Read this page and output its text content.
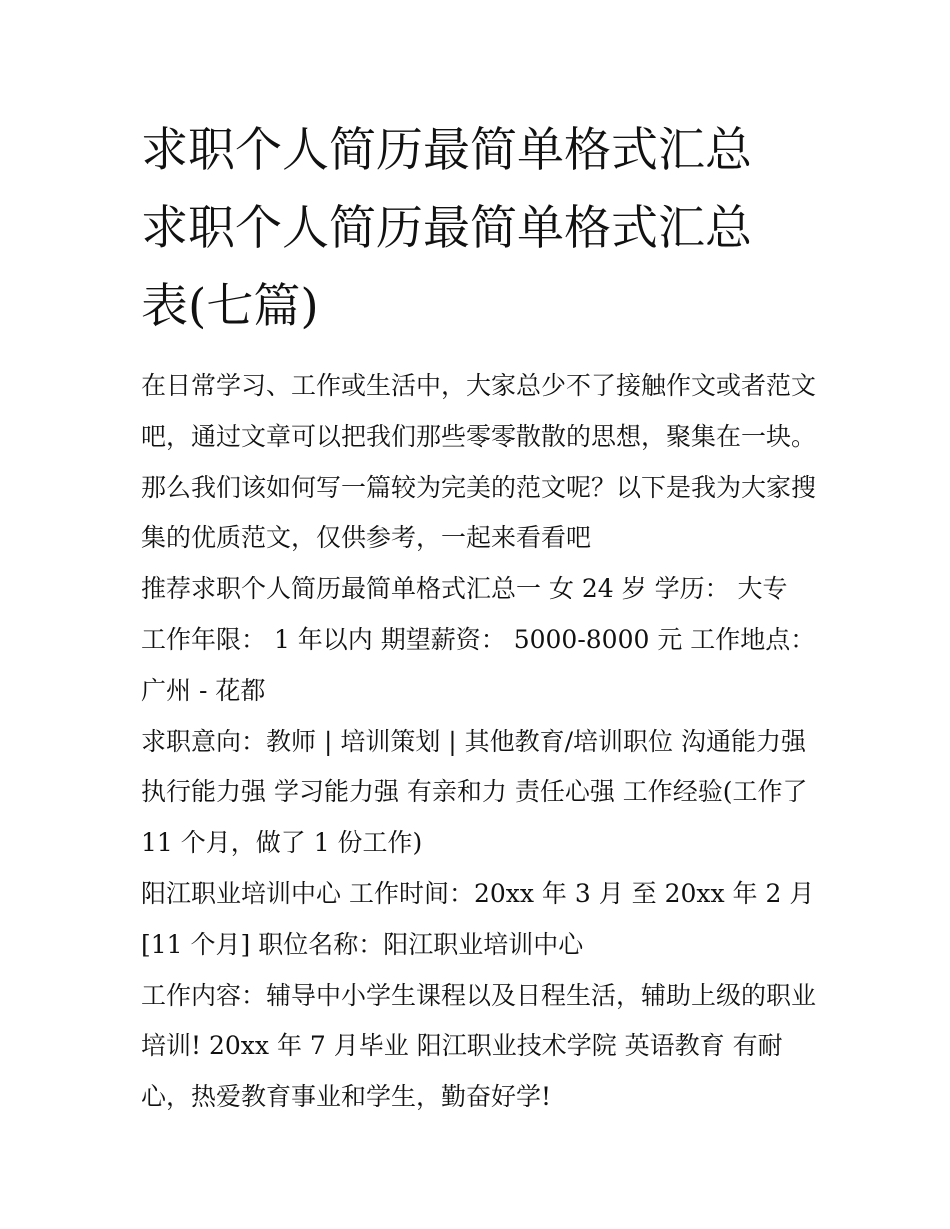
求职个人简历最简单格式汇总
求职个人简历最简单格式汇总
表(七篇)

在日常学习、工作或生活中，大家总少不了接触作文或者范文吧，通过文章可以把我们那些零零散散的思想，聚集在一块。那么我们该如何写一篇较为完美的范文呢？以下是我为大家搜集的优质范文，仅供参考，一起来看看吧

推荐求职个人简历最简单格式汇总一 女 24 岁 学历： 大专 工作年限： 1 年以内 期望薪资： 5000-8000 元 工作地点： 广州 - 花都

求职意向：教师 | 培训策划 | 其他教育/培训职位 沟通能力强 执行能力强 学习能力强 有亲和力 责任心强 工作经验(工作了 11 个月，做了 1 份工作)

阳江职业培训中心 工作时间：20xx 年 3 月 至 20xx 年 2 月[11 个月] 职位名称：阳江职业培训中心

工作内容：辅导中小学生课程以及日程生活，辅助上级的职业培训! 20xx 年 7 月毕业 阳江职业技术学院 英语教育 有耐心，热爱教育事业和学生，勤奋好学!
